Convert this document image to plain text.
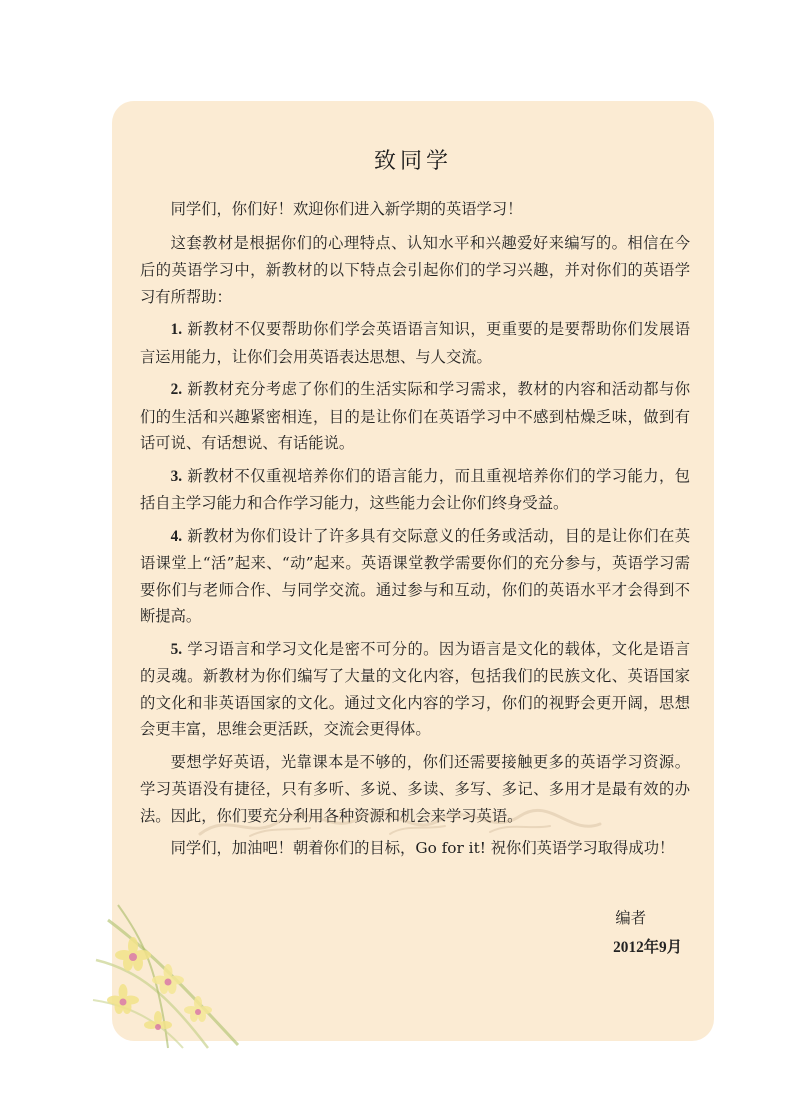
致同学

同学们，你们好！欢迎你们进入新学期的英语学习！

这套教材是根据你们的心理特点、认知水平和兴趣爱好来编写的。相信在今后的英语学习中，新教材的以下特点会引起你们的学习兴趣，并对你们的英语学习有所帮助：

1. 新教材不仅要帮助你们学会英语语言知识，更重要的是要帮助你们发展语言运用能力，让你们会用英语表达思想、与人交流。

2. 新教材充分考虑了你们的生活实际和学习需求，教材的内容和活动都与你们的生活和兴趣紧密相连，目的是让你们在英语学习中不感到枯燥乏味，做到有话可说、有话想说、有话能说。

3. 新教材不仅重视培养你们的语言能力，而且重视培养你们的学习能力，包括自主学习能力和合作学习能力，这些能力会让你们终身受益。

4. 新教材为你们设计了许多具有交际意义的任务或活动，目的是让你们在英语课堂上“活”起来、“动”起来。英语课堂教学需要你们的充分参与，英语学习需要你们与老师合作、与同学交流。通过参与和互动，你们的英语水平才会得到不断提高。

5. 学习语言和学习文化是密不可分的。因为语言是文化的载体，文化是语言的灵魂。新教材为你们编写了大量的文化内容，包括我们的民族文化、英语国家的文化和非英语国家的文化。通过文化内容的学习，你们的视野会更开阔，思想会更丰富，思维会更活跃，交流会更得体。

要想学好英语，光靠课本是不够的，你们还需要接触更多的英语学习资源。学习英语没有捷径，只有多听、多说、多读、多写、多记、多用才是最有效的办法。因此，你们要充分利用各种资源和机会来学习英语。

同学们，加油吧！朝着你们的目标，Go for it! 祝你们英语学习取得成功！

编者
2012年9月
